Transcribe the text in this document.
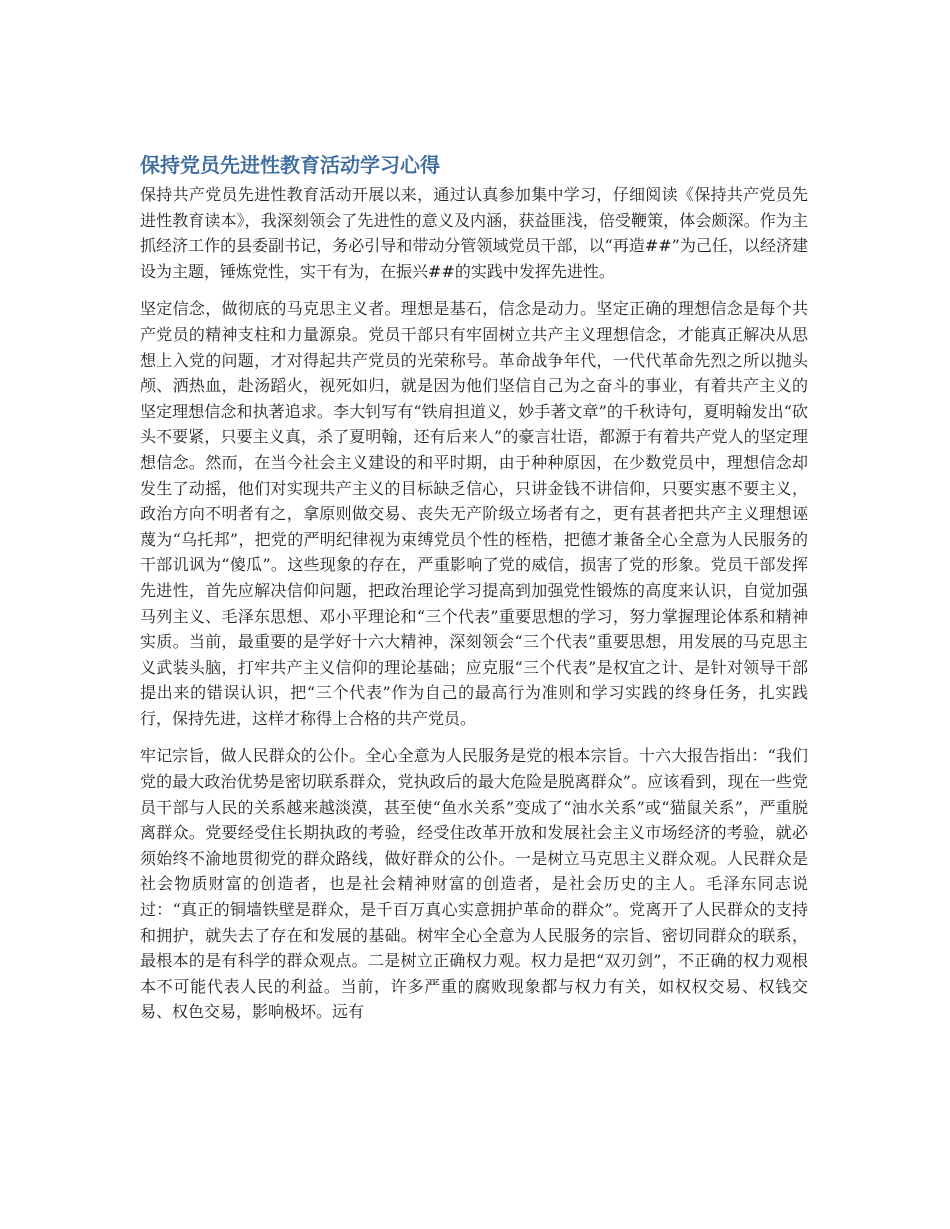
保持党员先进性教育活动学习心得

保持共产党员先进性教育活动开展以来，通过认真参加集中学习，仔细阅读《保持共产党员先进性教育读本》，我深刻领会了先进性的意义及内涵，获益匪浅，倍受鞭策，体会颇深。作为主抓经济工作的县委副书记，务必引导和带动分管领域党员干部，以“再造##”为己任，以经济建设为主题，锤炼党性，实干有为，在振兴##的实践中发挥先进性。

坚定信念，做彻底的马克思主义者。理想是基石，信念是动力。坚定正确的理想信念是每个共产党员的精神支柱和力量源泉。党员干部只有牢固树立共产主义理想信念，才能真正解决从思想上入党的问题，才对得起共产党员的光荣称号。革命战争年代，一代代革命先烈之所以抛头颅、洒热血，赴汤蹈火，视死如归，就是因为他们坚信自己为之奋斗的事业，有着共产主义的坚定理想信念和执著追求。李大钊写有“铁肩担道义，妙手著文章”的千秋诗句，夏明翰发出“砍头不要紧，只要主义真，杀了夏明翰，还有后来人”的豪言壮语，都源于有着共产党人的坚定理想信念。然而，在当今社会主义建设的和平时期，由于种种原因，在少数党员中，理想信念却发生了动摇，他们对实现共产主义的目标缺乏信心，只讲金钱不讲信仰，只要实惠不要主义，政治方向不明者有之，拿原则做交易、丧失无产阶级立场者有之，更有甚者把共产主义理想诬蔑为“乌托邦”，把党的严明纪律视为束缚党员个性的桎梏，把德才兼备全心全意为人民服务的干部讥讽为“傻瓜”。这些现象的存在，严重影响了党的威信，损害了党的形象。党员干部发挥先进性，首先应解决信仰问题，把政治理论学习提高到加强党性锻炼的高度来认识，自觉加强马列主义、毛泽东思想、邓小平理论和“三个代表”重要思想的学习，努力掌握理论体系和精神实质。当前，最重要的是学好十六大精神，深刻领会“三个代表”重要思想，用发展的马克思主义武装头脑，打牢共产主义信仰的理论基础；应克服“三个代表”是权宜之计、是针对领导干部提出来的错误认识，把“三个代表”作为自己的最高行为准则和学习实践的终身任务，扎实践行，保持先进，这样才称得上合格的共产党员。

牢记宗旨，做人民群众的公仆。全心全意为人民服务是党的根本宗旨。十六大报告指出：“我们党的最大政治优势是密切联系群众，党执政后的最大危险是脱离群众”。应该看到，现在一些党员干部与人民的关系越来越淡漠，甚至使“鱼水关系”变成了“油水关系”或“猫鼠关系”，严重脱离群众。党要经受住长期执政的考验，经受住改革开放和发展社会主义市场经济的考验，就必须始终不渝地贯彻党的群众路线，做好群众的公仆。一是树立马克思主义群众观。人民群众是社会物质财富的创造者，也是社会精神财富的创造者，是社会历史的主人。毛泽东同志说过：“真正的铜墙铁壁是群众，是千百万真心实意拥护革命的群众”。党离开了人民群众的支持和拥护，就失去了存在和发展的基础。树牢全心全意为人民服务的宗旨、密切同群众的联系，最根本的是有科学的群众观点。二是树立正确权力观。权力是把“双刃剑”，不正确的权力观根本不可能代表人民的利益。当前，许多严重的腐败现象都与权力有关，如权权交易、权钱交易、权色交易，影响极坏。远有
